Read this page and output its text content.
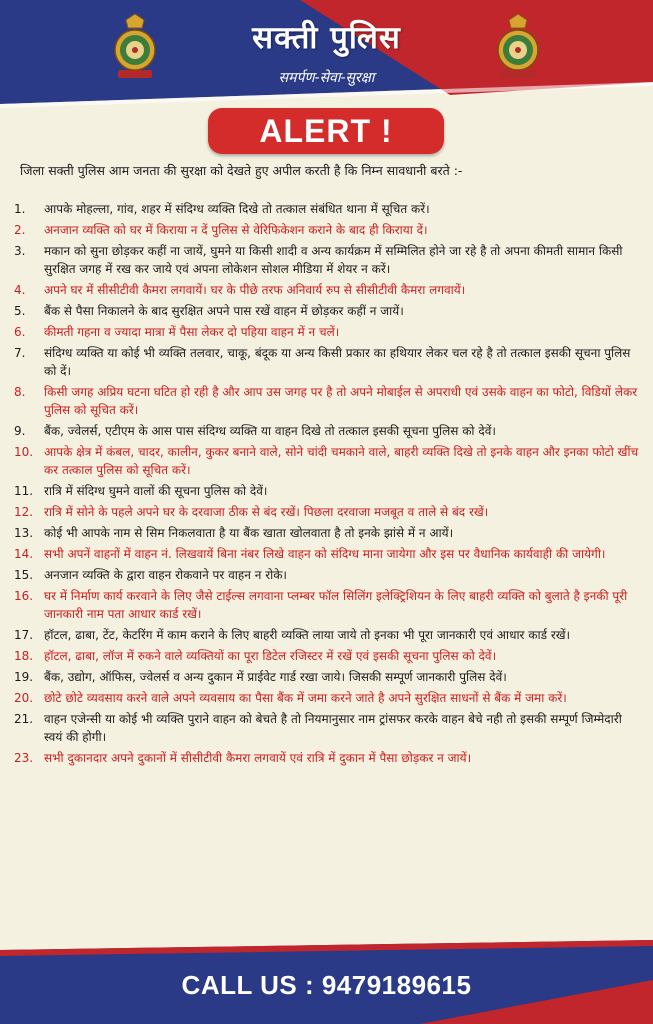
सक्ती पुलिस
समर्पण-सेवा-सुरक्षा
ALERT !
जिला सक्ती पुलिस आम जनता की सुरक्षा को देखते हुए अपील करती है कि निम्न सावधानी बरते :-
1.	आपके मोहल्ला, गांव, शहर में संदिग्ध व्यक्ति दिखे तो तत्काल संबंधित थाना में सूचित करें।
2.	अनजान व्यक्ति को घर में किराया न दें पुलिस से वेरिफिकेशन कराने के बाद ही किराया दें।
3.	मकान को सुना छोड़कर कहीं ना जायें, घुमने या किसी शादी व अन्य कार्यक्रम में सम्मिलित होने जा रहे है तो अपना कीमती सामान किसी सुरक्षित जगह में रख कर जाये एवं अपना लोकेशन सोशल मीडिया में शेयर न करें।
4.	अपने घर में सीसीटीवी कैमरा लगवायें। घर के पीछे तरफ अनिवार्य रुप से सीसीटीवी कैमरा लगवायें।
5.	बैंक से पैसा निकालने के बाद सुरक्षित अपने पास रखें वाहन में छोड़कर कहीं न जायें।
6.	कीमती गहना व ज्यादा मात्रा में पैसा लेकर दो पहिया वाहन में न चलें।
7.	संदिग्ध व्यक्ति या कोई भी व्यक्ति तलवार, चाकू, बंदूक या अन्य किसी प्रकार का हथियार लेकर चल रहे है तो तत्काल इसकी सूचना पुलिस को दें।
8.	किसी जगह अप्रिय घटना घटित हो रही है और आप उस जगह पर है तो अपने मोबाईल से अपराधी एवं उसके वाहन का फोटो, विडियों लेकर पुलिस को सूचित करें।
9.	बैंक, ज्वेलर्स, एटीएम के आस पास संदिग्ध व्यक्ति या वाहन दिखे तो तत्काल इसकी सूचना पुलिस को देवें।
10. आपके क्षेत्र में कंबल, चादर, कालीन, कुकर बनाने वाले, सोने चांदी चमकाने वाले, बाहरी व्यक्ति दिखे तो इनके वाहन और इनका फोटो खींच कर तत्काल पुलिस को सूचित करें।
11. रात्रि में संदिग्ध घुमने वालों की सूचना पुलिस को देवें।
12. रात्रि में सोने के पहले अपने घर के दरवाजा ठीक से बंद रखें। पिछला दरवाजा मजबूत व ताले से बंद रखें।
13. कोई भी आपके नाम से सिम निकलवाता है या बैंक खाता खोलवाता है तो इनके झांसे में न आयें।
14. सभी अपनें वाहनों में वाहन नं. लिखवायें बिना नंबर लिखे वाहन को संदिग्ध माना जायेगा और इस पर वैधानिक कार्यवाही की जायेगी।
15. अनजान व्यक्ति के द्वारा वाहन रोकवाने पर वाहन न रोके।
16. घर में निर्माण कार्य करवाने के लिए जैसे टाईल्स लगवाना प्लम्बर फॉल सिलिंग इलेक्ट्रिशियन के लिए बाहरी व्यक्ति को बुलाते है इनकी पूरी जानकारी नाम पता आधार कार्ड रखें।
17. हॉटल, ढाबा, टेंट, केटरिंग में काम कराने के लिए बाहरी व्यक्ति लाया जाये तो इनका भी पूरा जानकारी एवं आधार कार्ड रखें।
18. हॉटल, ढाबा, लॉज में रुकने वाले व्यक्तियों का पूरा डिटेल रजिस्टर में रखें एवं इसकी सूचना पुलिस को देवें।
19. बैंक, उद्योग, ऑफिस, ज्वेलर्स व अन्य दुकान में प्राईवेट गार्ड रखा जाये। जिसकी सम्पूर्ण जानकारी पुलिस देवें।
20. छोटे छोटे व्यवसाय करने वाले अपने व्यवसाय का पैसा बैंक में जमा करने जाते है अपने सुरक्षित साधनों से बैंक में जमा करें।
21. वाहन एजेन्सी या कोई भी व्यक्ति पुराने वाहन को बेचते है तो नियमानुसार नाम ट्रांसफर करके वाहन बेचे नही तो इसकी सम्पूर्ण जिम्मेदारी स्वयं की होगी।
23. सभी दुकानदार अपने दुकानों में सीसीटीवी कैमरा लगवायें एवं रात्रि में दुकान में पैसा छोड़कर न जायें।
CALL US : 9479189615
